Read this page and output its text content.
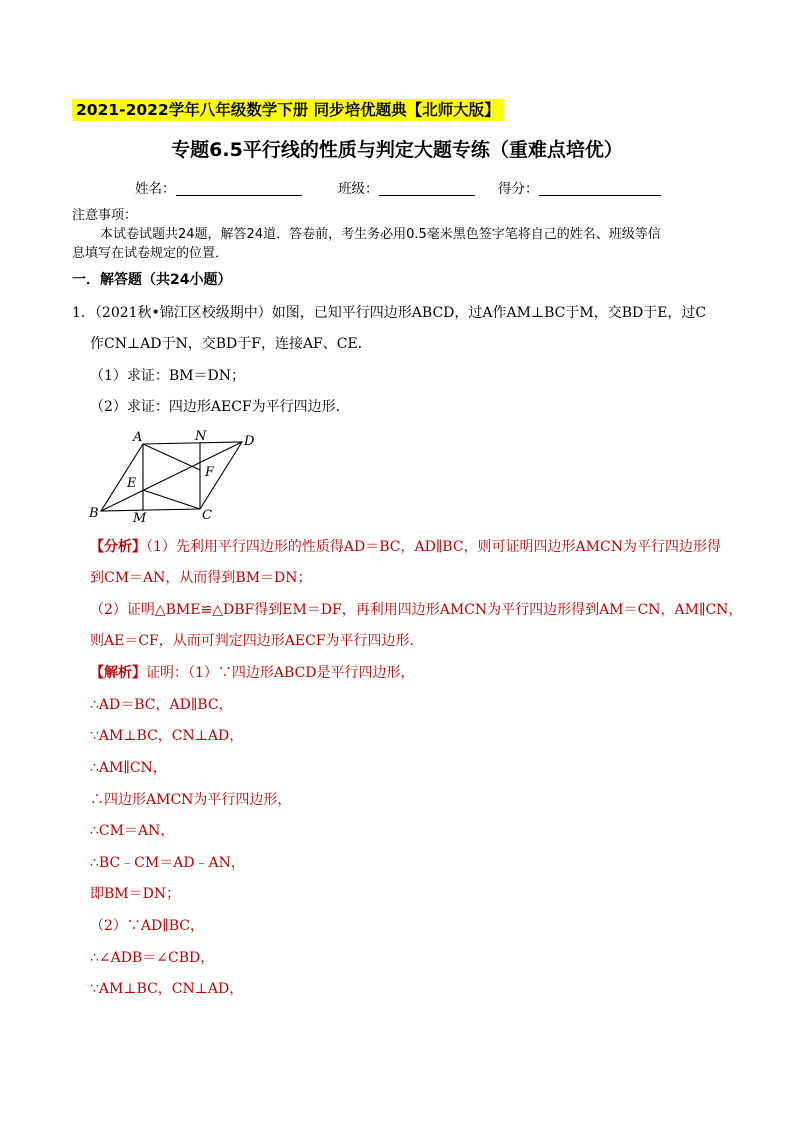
2021-2022学年八年级数学下册 同步培优题典【北师大版】
专题6.5平行线的性质与判定大题专练（重难点培优）
姓名：	班级：	得分：
注意事项：
本试卷试题共24题，解答24道．答卷前，考生务必用0.5毫米黑色签字笔将自己的姓名、班级等信
息填写在试卷规定的位置．
一．解答题（共24小题）
1．（2021秋•锦江区校级期中）如图，已知平行四边形ABCD，过A作AM⊥BC于M，交BD于E，过C
作CN⊥AD于N，交BD于F，连接AF、CE．
（1）求证：BM＝DN；
（2）求证：四边形AECF为平行四边形．
A	N	D
B	M	C
E
F
【分析】（1）先利用平行四边形的性质得AD＝BC，AD∥BC，则可证明四边形AMCN为平行四边形得
到CM＝AN，从而得到BM＝DN；
（2）证明△BME≌△DBF得到EM＝DF，再利用四边形AMCN为平行四边形得到AM＝CN，AM∥CN，
则AE＝CF，从而可判定四边形AECF为平行四边形．
【解析】证明：（1）∵四边形ABCD是平行四边形，
∴AD＝BC，AD∥BC，
∵AM⊥BC，CN⊥AD，
∴AM∥CN，
∴四边形AMCN为平行四边形，
∴CM＝AN，
∴BC﹣CM＝AD﹣AN，
即BM＝DN；
（2）∵AD∥BC，
∴∠ADB＝∠CBD，
∵AM⊥BC，CN⊥AD，
